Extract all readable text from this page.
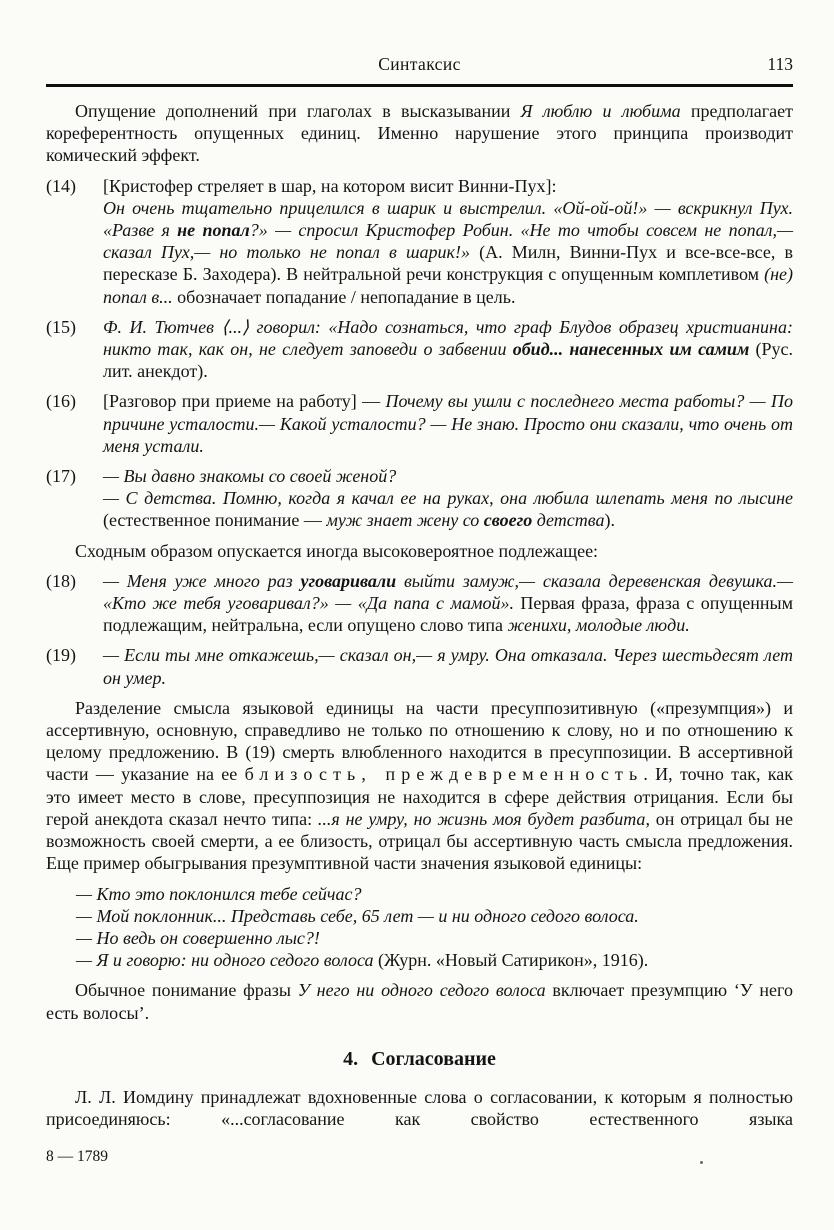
Синтаксис	113

Опущение дополнений при глаголах в высказывании Я люблю и любима предполагает кореферентность опущенных единиц. Именно нарушение этого принципа производит комический эффект.

(14)	[Кристофер стреляет в шар, на котором висит Винни-Пух]:
Он очень тщательно прицелился в шарик и выстрелил. «Ой-ой-ой!» — вскрикнул Пух. «Разве я не попал?» — спросил Кристофер Робин. «Не то чтобы совсем не попал,— сказал Пух,— но только не попал в шарик!» (А. Милн, Винни-Пух и все-все-все, в пересказе Б. Заходера). В нейтральной речи конструкция с опущенным комплетивом (не) попал в... обозначает попадание / непопадание в цель.
(15)	Ф. И. Тютчев ⟨...⟩ говорил: «Надо сознаться, что граф Блудов образец христианина: никто так, как он, не следует заповеди о забвении обид... нанесенных им самим (Рус. лит. анекдот).
(16)	[Разговор при приеме на работу] — Почему вы ушли с последнего места работы? — По причине усталости.— Какой усталости? — Не знаю. Просто они сказали, что очень от меня устали.
(17)	— Вы давно знакомы со своей женой?
— С детства. Помню, когда я качал ее на руках, она любила шлепать меня по лысине (естественное понимание — муж знает жену со своего детства).

Сходным образом опускается иногда высоковероятное подлежащее:

(18)	— Меня уже много раз уговаривали выйти замуж,— сказала деревенская девушка.— «Кто же тебя уговаривал?» — «Да папа с мамой». Первая фраза, фраза с опущенным подлежащим, нейтральна, если опущено слово типа женихи, молодые люди.
(19)	— Если ты мне откажешь,— сказал он,— я умру. Она отказала. Через шестьдесят лет он умер.

Разделение смысла языковой единицы на части пресуппозитивную («презумпция») и ассертивную, основную, справедливо не только по отношению к слову, но и по отношению к целому предложению. В (19) смерть влюбленного находится в пресуппозиции. В ассертивной части — указание на ее близость, преждевременность. И, точно так, как это имеет место в слове, пресуппозиция не находится в сфере действия отрицания. Если бы герой анекдота сказал нечто типа: ...я не умру, но жизнь моя будет разбита, он отрицал бы не возможность своей смерти, а ее близость, отрицал бы ассертивную часть смысла предложения. Еще пример обыгрывания презумптивной части значения языковой единицы:

— Кто это поклонился тебе сейчас?

— Мой поклонник... Представь себе, 65 лет — и ни одного седого волоса.

— Но ведь он совершенно лыс?!

— Я и говорю: ни одного седого волоса (Журн. «Новый Сатирикон», 1916).

Обычное понимание фразы У него ни одного седого волоса включает презумпцию ‘У него есть волосы’.

4. Согласование

Л. Л. Иомдину принадлежат вдохновенные слова о согласовании, к которым я полностью присоединяюсь: «...согласование как свойство естественного языка

8 — 1789
